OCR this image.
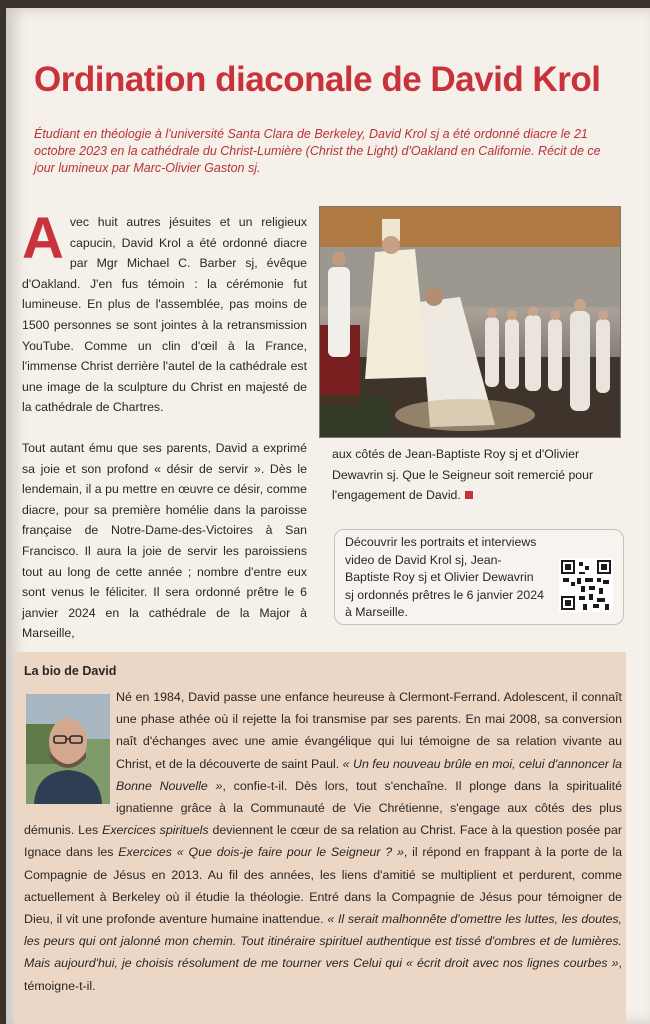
Ordination diaconale de David Krol
Étudiant en théologie à l'université Santa Clara de Berkeley, David Krol sj a été ordonné diacre le 21 octobre 2023 en la cathédrale du Christ-Lumière (Christ the Light) d'Oakland en Californie. Récit de ce jour lumineux par Marc-Olivier Gaston sj.

A vec huit autres jésuites et un religieux capucin, David Krol a été ordonné diacre par Mgr Michael C. Barber sj, évêque d'Oakland. J'en fus témoin : la cérémonie fut lumineuse. En plus de l'assemblée, pas moins de 1500 personnes se sont jointes à la retransmission YouTube. Comme un clin d'œil à la France, l'immense Christ derrière l'autel de la cathédrale est une image de la sculpture du Christ en majesté de la cathédrale de Chartres.

Tout autant ému que ses parents, David a exprimé sa joie et son profond « désir de servir ». Dès le lendemain, il a pu mettre en œuvre ce désir, comme diacre, pour sa première homélie dans la paroisse française de Notre-Dame-des-Victoires à San Francisco. Il aura la joie de servir les paroissiens tout au long de cette année ; nombre d'entre eux sont venus le féliciter. Il sera ordonné prêtre le 6 janvier 2024 en la cathédrale de la Major à Marseille,

aux côtés de Jean-Baptiste Roy sj et d'Olivier Dewavrin sj. Que le Seigneur soit remercié pour l'engagement de David.
Découvrir les portraits et interviews video de David Krol sj, Jean-Baptiste Roy sj et Olivier Dewavrin sj ordonnés prêtres le 6 janvier 2024 à Marseille.
La bio de David
Né en 1984, David passe une enfance heureuse à Clermont-Ferrand. Adolescent, il connaît une phase athée où il rejette la foi transmise par ses parents. En mai 2008, sa conversion naît d'échanges avec une amie évangélique qui lui témoigne de sa relation vivante au Christ, et de la découverte de saint Paul. « Un feu nouveau brûle en moi, celui d'annoncer la Bonne Nouvelle », confie-t-il. Dès lors, tout s'enchaîne. Il plonge dans la spiritualité ignatienne grâce à la Communauté de Vie Chrétienne, s'engage aux côtés des plus démunis. Les Exercices spirituels deviennent le cœur de sa relation au Christ. Face à la question posée par Ignace dans les Exercices « Que dois-je faire pour le Seigneur ? », il répond en frappant à la porte de la Compagnie de Jésus en 2013. Au fil des années, les liens d'amitié se multiplient et perdurent, comme actuellement à Berkeley où il étudie la théologie. Entré dans la Compagnie de Jésus pour témoigner de Dieu, il vit une profonde aventure humaine inattendue. « Il serait malhonnête d'omettre les luttes, les doutes, les peurs qui ont jalonné mon chemin. Tout itinéraire spirituel authentique est tissé d'ombres et de lumières. Mais aujourd'hui, je choisis résolument de me tourner vers Celui qui « écrit droit avec nos lignes courbes », témoigne-t-il.
